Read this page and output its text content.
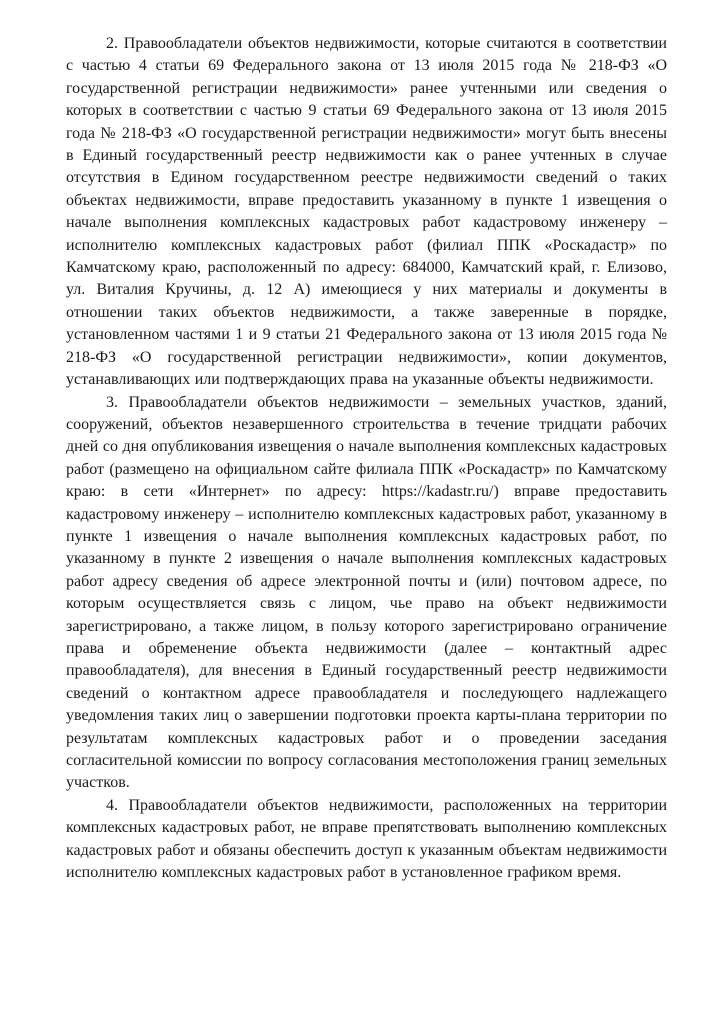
2. Правообладатели объектов недвижимости, которые считаются в соответствии с частью 4 статьи 69 Федерального закона от 13 июля 2015 года № 218-ФЗ «О государственной регистрации недвижимости» ранее учтенными или сведения о которых в соответствии с частью 9 статьи 69 Федерального закона от 13 июля 2015 года № 218-ФЗ «О государственной регистрации недвижимости» могут быть внесены в Единый государственный реестр недвижимости как о ранее учтенных в случае отсутствия в Едином государственном реестре недвижимости сведений о таких объектах недвижимости, вправе предоставить указанному в пункте 1 извещения о начале выполнения комплексных кадастровых работ кадастровому инженеру – исполнителю комплексных кадастровых работ (филиал ППК «Роскадастр» по Камчатскому краю, расположенный по адресу: 684000, Камчатский край, г. Елизово, ул. Виталия Кручины, д. 12 А) имеющиеся у них материалы и документы в отношении таких объектов недвижимости, а также заверенные в порядке, установленном частями 1 и 9 статьи 21 Федерального закона от 13 июля 2015 года № 218-ФЗ «О государственной регистрации недвижимости», копии документов, устанавливающих или подтверждающих права на указанные объекты недвижимости.

3. Правообладатели объектов недвижимости – земельных участков, зданий, сооружений, объектов незавершенного строительства в течение тридцати рабочих дней со дня опубликования извещения о начале выполнения комплексных кадастровых работ (размещено на официальном сайте филиала ППК «Роскадастр» по Камчатскому краю: в сети «Интернет» по адресу: https://kadastr.ru/) вправе предоставить кадастровому инженеру – исполнителю комплексных кадастровых работ, указанному в пункте 1 извещения о начале выполнения комплексных кадастровых работ, по указанному в пункте 2 извещения о начале выполнения комплексных кадастровых работ адресу сведения об адресе электронной почты и (или) почтовом адресе, по которым осуществляется связь с лицом, чье право на объект недвижимости зарегистрировано, а также лицом, в пользу которого зарегистрировано ограничение права и обременение объекта недвижимости (далее – контактный адрес правообладателя), для внесения в Единый государственный реестр недвижимости сведений о контактном адресе правообладателя и последующего надлежащего уведомления таких лиц о завершении подготовки проекта карты-плана территории по результатам комплексных кадастровых работ и о проведении заседания согласительной комиссии по вопросу согласования местоположения границ земельных участков.

4. Правообладатели объектов недвижимости, расположенных на территории комплексных кадастровых работ, не вправе препятствовать выполнению комплексных кадастровых работ и обязаны обеспечить доступ к указанным объектам недвижимости исполнителю комплексных кадастровых работ в установленное графиком время.
